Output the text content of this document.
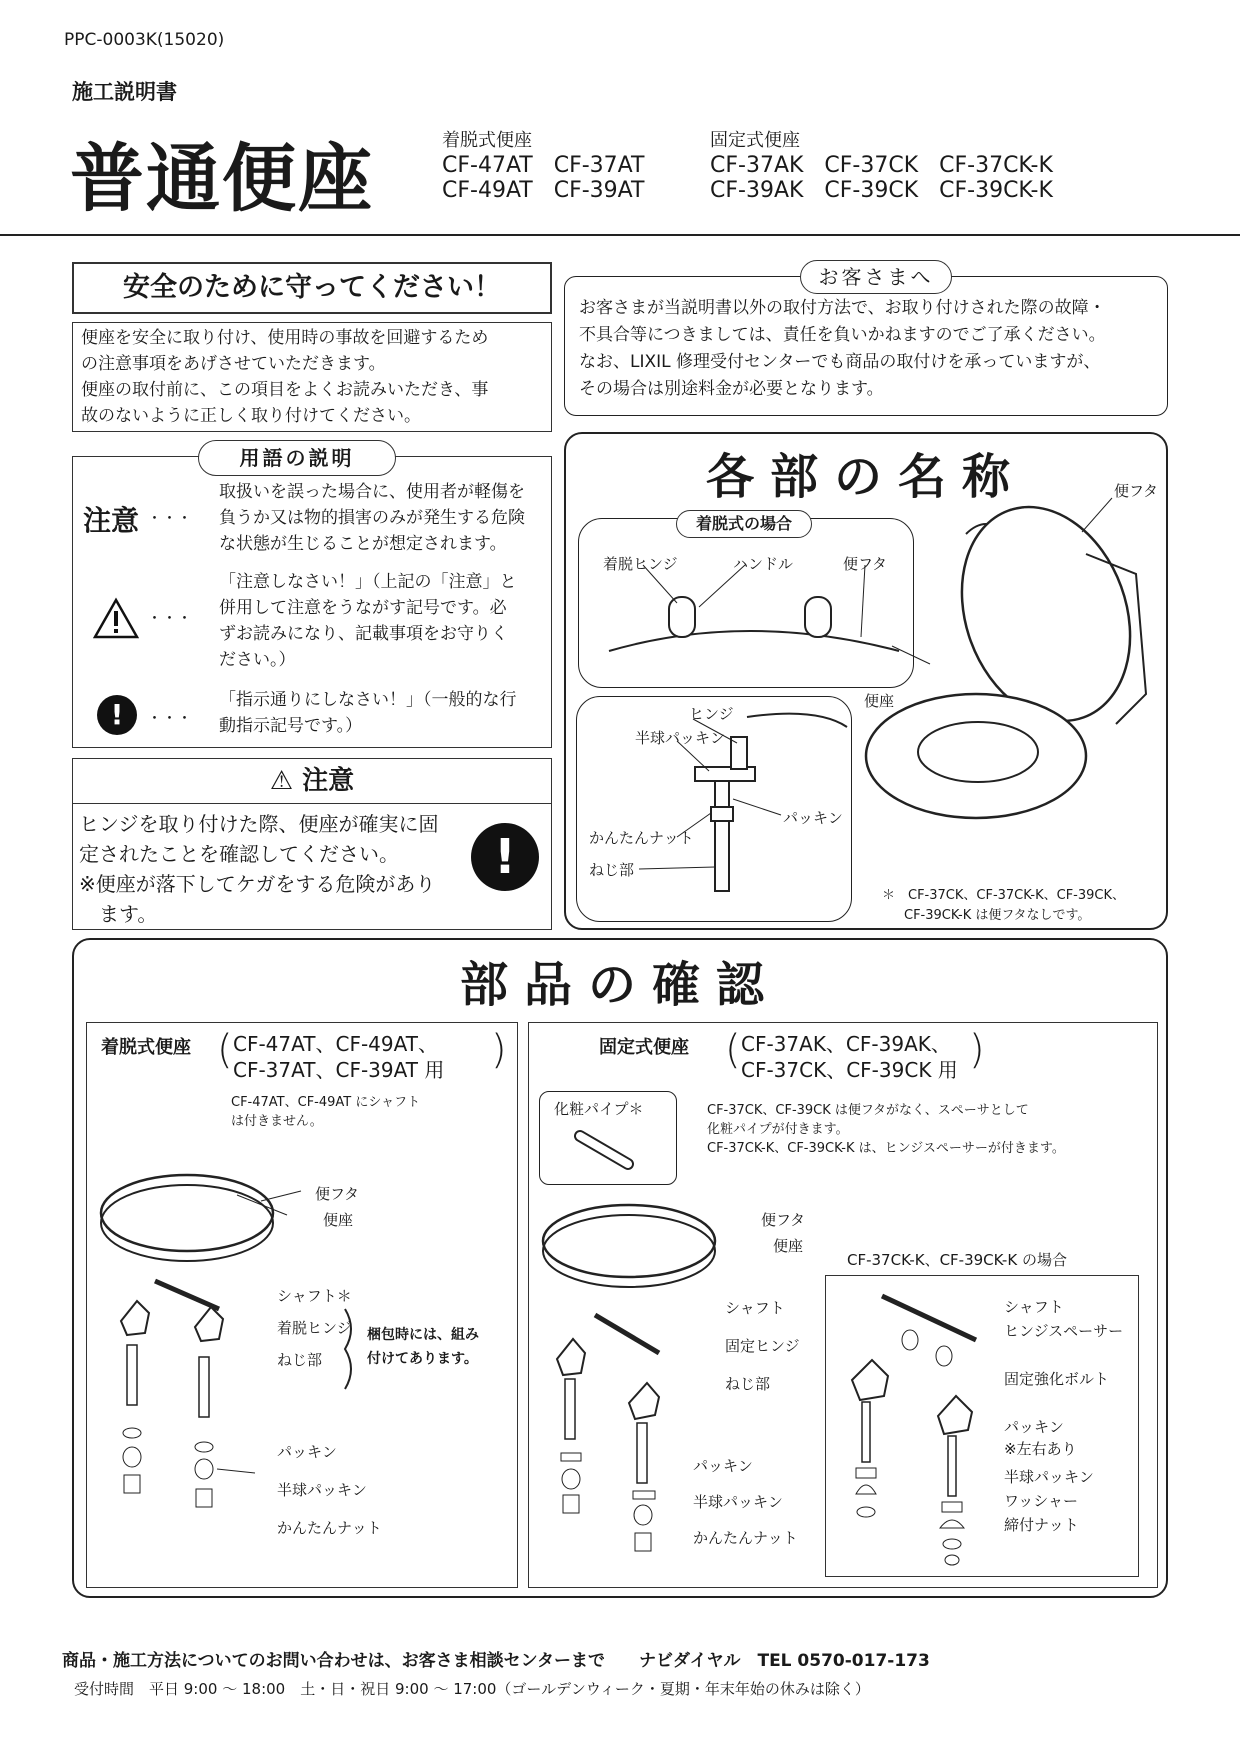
PPC-0003K(15020)
施工説明書
普通便座	着脱式便座
CF-47AT   CF-37AT
CF-49AT   CF-39AT
固定式便座
CF-37AK   CF-37CK   CF-37CK-K
CF-39AK   CF-39CK   CF-39CK-K
安全のために守ってください！
便座を安全に取り付け、使用時の事故を回避するため
の注意事項をあげさせていただきます。
便座の取付前に、この項目をよくお読みいただき、事
故のないように正しく取り付けてください。
お客さまが当説明書以外の取付方法で、お取り付けされた際の故障・
不具合等につきましては、責任を負いかねますのでご了承ください。
なお、LIXIL 修理受付センターでも商品の取付けを承っていますが、
その場合は別途料金が必要となります。
お客さまへ
注意 ・・・
取扱いを誤った場合に、使用者が軽傷を
負うか又は物的損害のみが発生する危険
な状態が生じることが想定されます。
・・・
「注意しなさい！」（上記の「注意」と
併用して注意をうながす記号です。必
ずお読みになり、記載事項をお守りく
ださい。）
!	・・・
「指示通りにしなさい！」（一般的な行
動指示記号です。）
用語の説明
⚠ 注意
ヒンジを取り付けた際、便座が確実に固
定されたことを確認してください。
※便座が落下してケガをする危険があり
　ます。
!
各部の名称
着脱ヒンジ	ハンドル	便フタ
着脱式の場合
ヒンジ
半球パッキン
パッキン
かんたんナット
ねじ部
便フタ
便座
＊　CF-37CK、CF-37CK-K、CF-39CK、
CF-39CK-K は便フタなしです。
部品の確認
着脱式便座 ( CF-47AT、CF-49AT、
CF-37AT、CF-39AT 用 )
CF-47AT、CF-49AT にシャフト
は付きません。
便フタ
便座
シャフト＊
着脱ヒンジ
ねじ部
梱包時には、組み
付けてあります。
パッキン
半球パッキン
かんたんナット
固定式便座 ( CF-37AK、CF-39AK、
CF-37CK、CF-39CK 用 )
化粧パイプ＊	CF-37CK、CF-39CK は便フタがなく、スペーサとして
化粧パイプが付きます。
CF-37CK-K、CF-39CK-K は、ヒンジスペーサーが付きます。
便フタ
便座
シャフト
固定ヒンジ
ねじ部
パッキン
半球パッキン
かんたんナット
CF-37CK-K、CF-39CK-K の場合
シャフト
ヒンジスペーサー
固定強化ボルト
パッキン
※左右あり
半球パッキン
ワッシャー
締付ナット
商品・施工方法についてのお問い合わせは、お客さま相談センターまで　　ナビダイヤル　TEL 0570-017-173
受付時間　平日 9:00 ～ 18:00　土・日・祝日 9:00 ～ 17:00（ゴールデンウィーク・夏期・年末年始の休みは除く）
